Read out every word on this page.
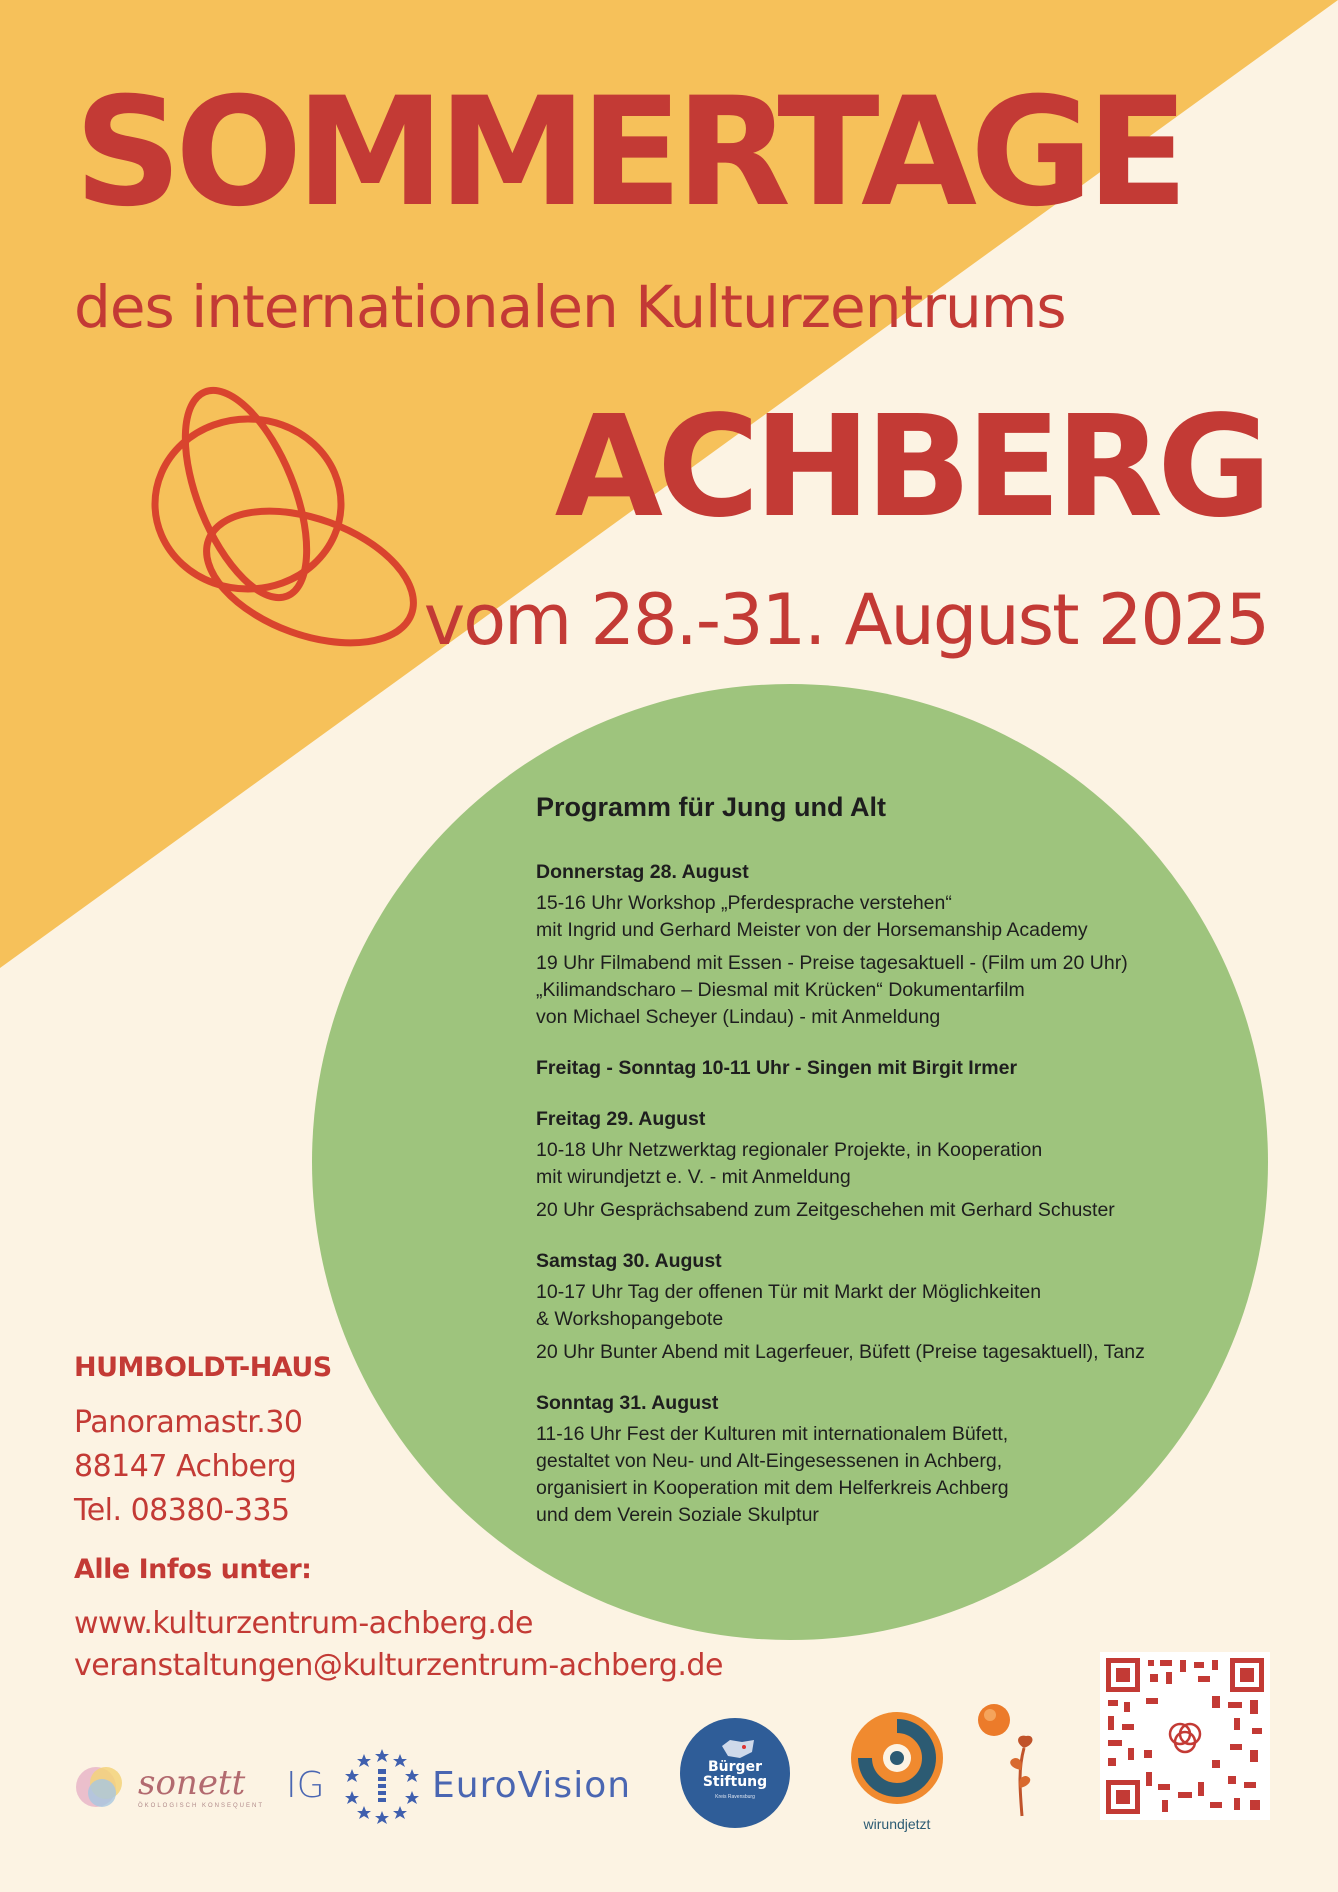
SOMMERTAGE
des internationalen Kulturzentrums
ACHBERG
vom 28.-31. August 2025
Programm für Jung und Alt
Donnerstag 28. August
15-16 Uhr Workshop „Pferdesprache verstehen“
mit Ingrid und Gerhard Meister von der Horsemanship Academy
19 Uhr Filmabend mit Essen - Preise tagesaktuell - (Film um 20 Uhr)
„Kilimandscharo – Diesmal mit Krücken“ Dokumentarfilm
von Michael Scheyer (Lindau) - mit Anmeldung
Freitag - Sonntag 10-11 Uhr - Singen mit Birgit Irmer
Freitag 29. August
10-18 Uhr Netzwerktag regionaler Projekte, in Kooperation
mit wirundjetzt e. V. - mit Anmeldung
20 Uhr Gesprächsabend zum Zeitgeschehen mit Gerhard Schuster
Samstag 30. August
10-17 Uhr Tag der offenen Tür mit Markt der Möglichkeiten
& Workshopangebote
20 Uhr Bunter Abend mit Lagerfeuer, Büfett (Preise tagesaktuell), Tanz
Sonntag 31. August
11-16 Uhr Fest der Kulturen mit internationalem Büfett,
gestaltet von Neu- und Alt-Eingesessenen in Achberg,
organisiert in Kooperation mit dem Helferkreis Achberg
und dem Verein Soziale Skulptur
HUMBOLDT-HAUS
Panoramastr.30
88147 Achberg
Tel. 08380-335
Alle Infos unter:
www.kulturzentrum-achberg.de
veranstaltungen@kulturzentrum-achberg.de
sonett
ÖKOLOGISCH KONSEQUENT IG	EuroVision	Bürger
Stiftung
Kreis Ravensburg
wirundjetzt
